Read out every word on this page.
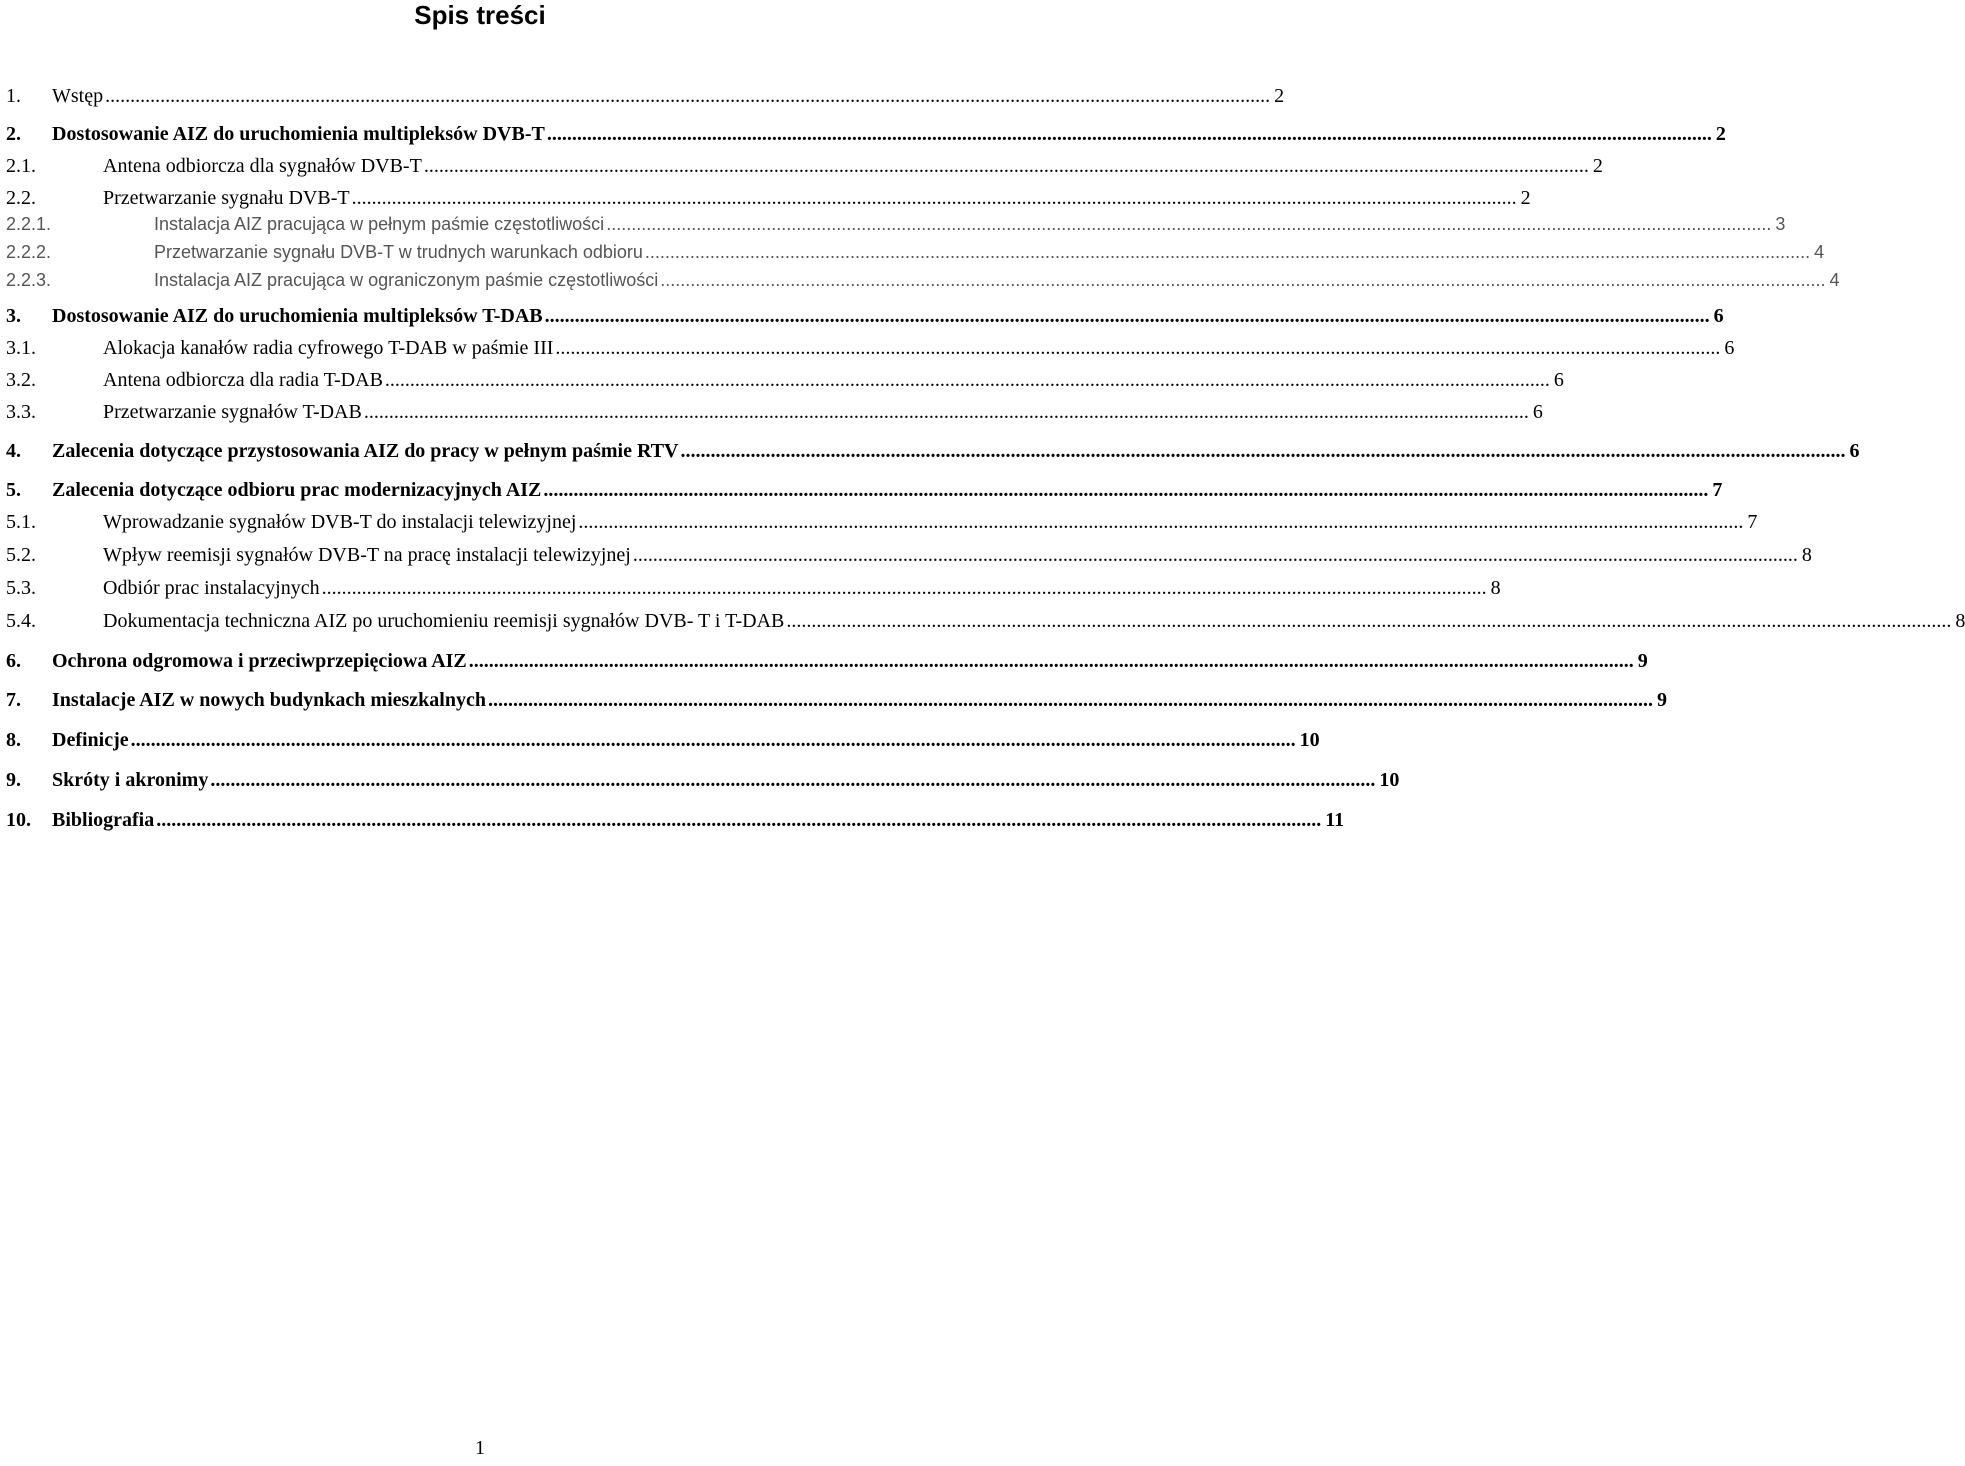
Spis treści
1.	Wstęp .....	2
2.	Dostosowanie AIZ do uruchomienia multipleksów DVB-T .....	2
2.1.	Antena odbiorcza dla sygnałów DVB-T .....	2
2.2.	Przetwarzanie sygnału DVB-T .....	2
2.2.1.	Instalacja AIZ pracująca w pełnym paśmie częstotliwości .....	3
2.2.2.	Przetwarzanie sygnału DVB-T w trudnych warunkach odbioru .....	4
2.2.3.	Instalacja AIZ pracująca w ograniczonym paśmie częstotliwości .....	4
3.	Dostosowanie AIZ do uruchomienia multipleksów T-DAB .....	6
3.1.	Alokacja kanałów radia cyfrowego T-DAB w paśmie III .....	6
3.2.	Antena odbiorcza dla radia T-DAB .....	6
3.3.	Przetwarzanie sygnałów T-DAB .....	6
4.	Zalecenia dotyczące przystosowania AIZ do pracy w pełnym paśmie RTV .....	6
5.	Zalecenia dotyczące odbioru prac modernizacyjnych AIZ .....	7
5.1.	Wprowadzanie sygnałów DVB-T do instalacji telewizyjnej .....	7
5.2.	Wpływ reemisji sygnałów DVB-T na pracę instalacji telewizyjnej .....	8
5.3.	Odbiór prac instalacyjnych .....	8
5.4.	Dokumentacja techniczna AIZ po uruchomieniu reemisji sygnałów DVB- T i T-DAB .....	8
6.	Ochrona odgromowa i przeciwprzepięciowa AIZ .....	9
7.	Instalacje AIZ w nowych budynkach mieszkalnych .....	9
8.	Definicje .....	10
9.	Skróty i akronimy .....	10
10.	Bibliografia .....	11
1
